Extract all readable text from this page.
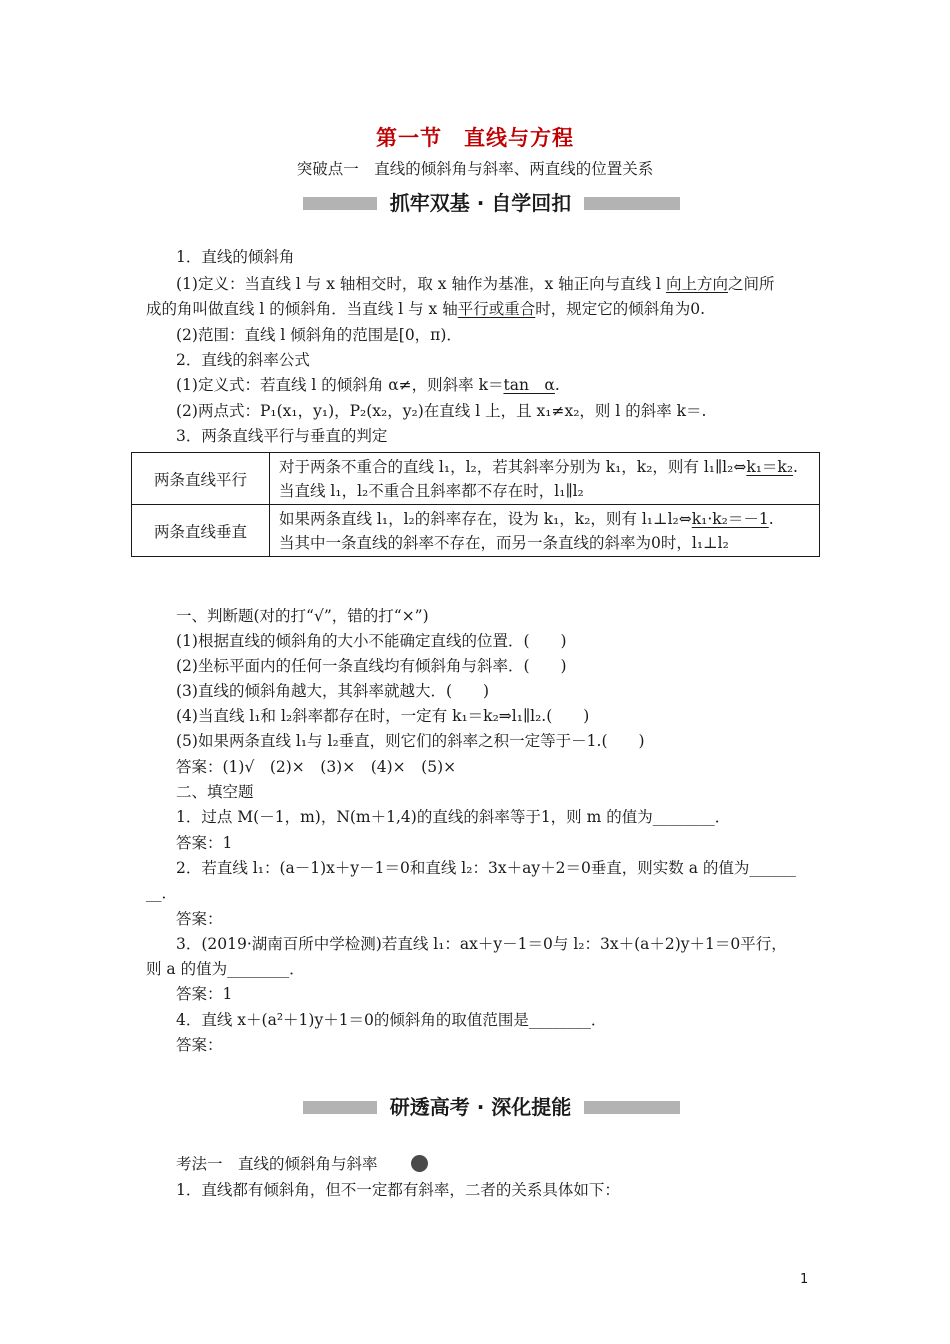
第一节　直线与方程
突破点一　直线的倾斜角与斜率、两直线的位置关系
抓牢双基 · 自学回扣
1．直线的倾斜角
(1)定义：当直线 l 与 x 轴相交时，取 x 轴作为基准，x 轴正向与直线 l 向上方向之间所
成的角叫做直线 l 的倾斜角．当直线 l 与 x 轴平行或重合时，规定它的倾斜角为0.
(2)范围：直线 l 倾斜角的范围是[0，π)．
2．直线的斜率公式
(1)定义式：若直线 l 的倾斜角 α≠，则斜率 k＝tan　α.
(2)两点式：P₁(x₁，y₁)，P₂(x₂，y₂)在直线 l 上，且 x₁≠x₂，则 l 的斜率 k＝.
3．两条直线平行与垂直的判定
两条直线平行	对于两条不重合的直线 l₁，l₂，若其斜率分别为 k₁，k₂，则有 l₁∥l₂⇔k₁＝k₂.
当直线 l₁，l₂不重合且斜率都不存在时，l₁∥l₂

两条直线垂直	如果两条直线 l₁，l₂的斜率存在，设为 k₁，k₂，则有 l₁⊥l₂⇔k₁·k₂＝－1.
当其中一条直线的斜率不存在，而另一条直线的斜率为0时，l₁⊥l₂
一、判断题(对的打“√”，错的打“×”)
(1)根据直线的倾斜角的大小不能确定直线的位置．(　　)
(2)坐标平面内的任何一条直线均有倾斜角与斜率．(　　)
(3)直线的倾斜角越大，其斜率就越大．(　　)
(4)当直线 l₁和 l₂斜率都存在时，一定有 k₁＝k₂⇒l₁∥l₂.(　　)
(5)如果两条直线 l₁与 l₂垂直，则它们的斜率之积一定等于－1.(　　)
答案：(1)√　(2)×　(3)×　(4)×　(5)×
二、填空题
1．过点 M(－1，m)，N(m＋1,4)的直线的斜率等于1，则 m 的值为________．
答案：1
2．若直线 l₁：(a－1)x＋y－1＝0和直线 l₂：3x＋ay＋2＝0垂直，则实数 a 的值为______
__．
答案：
3．(2019·湖南百所中学检测)若直线 l₁：ax＋y－1＝0与 l₂：3x＋(a＋2)y＋1＝0平行，
则 a 的值为________．
答案：1
4．直线 x＋(a²＋1)y＋1＝0的倾斜角的取值范围是________．
答案：
研透高考 · 深化提能
考法一　直线的倾斜角与斜率
1．直线都有倾斜角，但不一定都有斜率，二者的关系具体如下：
1
